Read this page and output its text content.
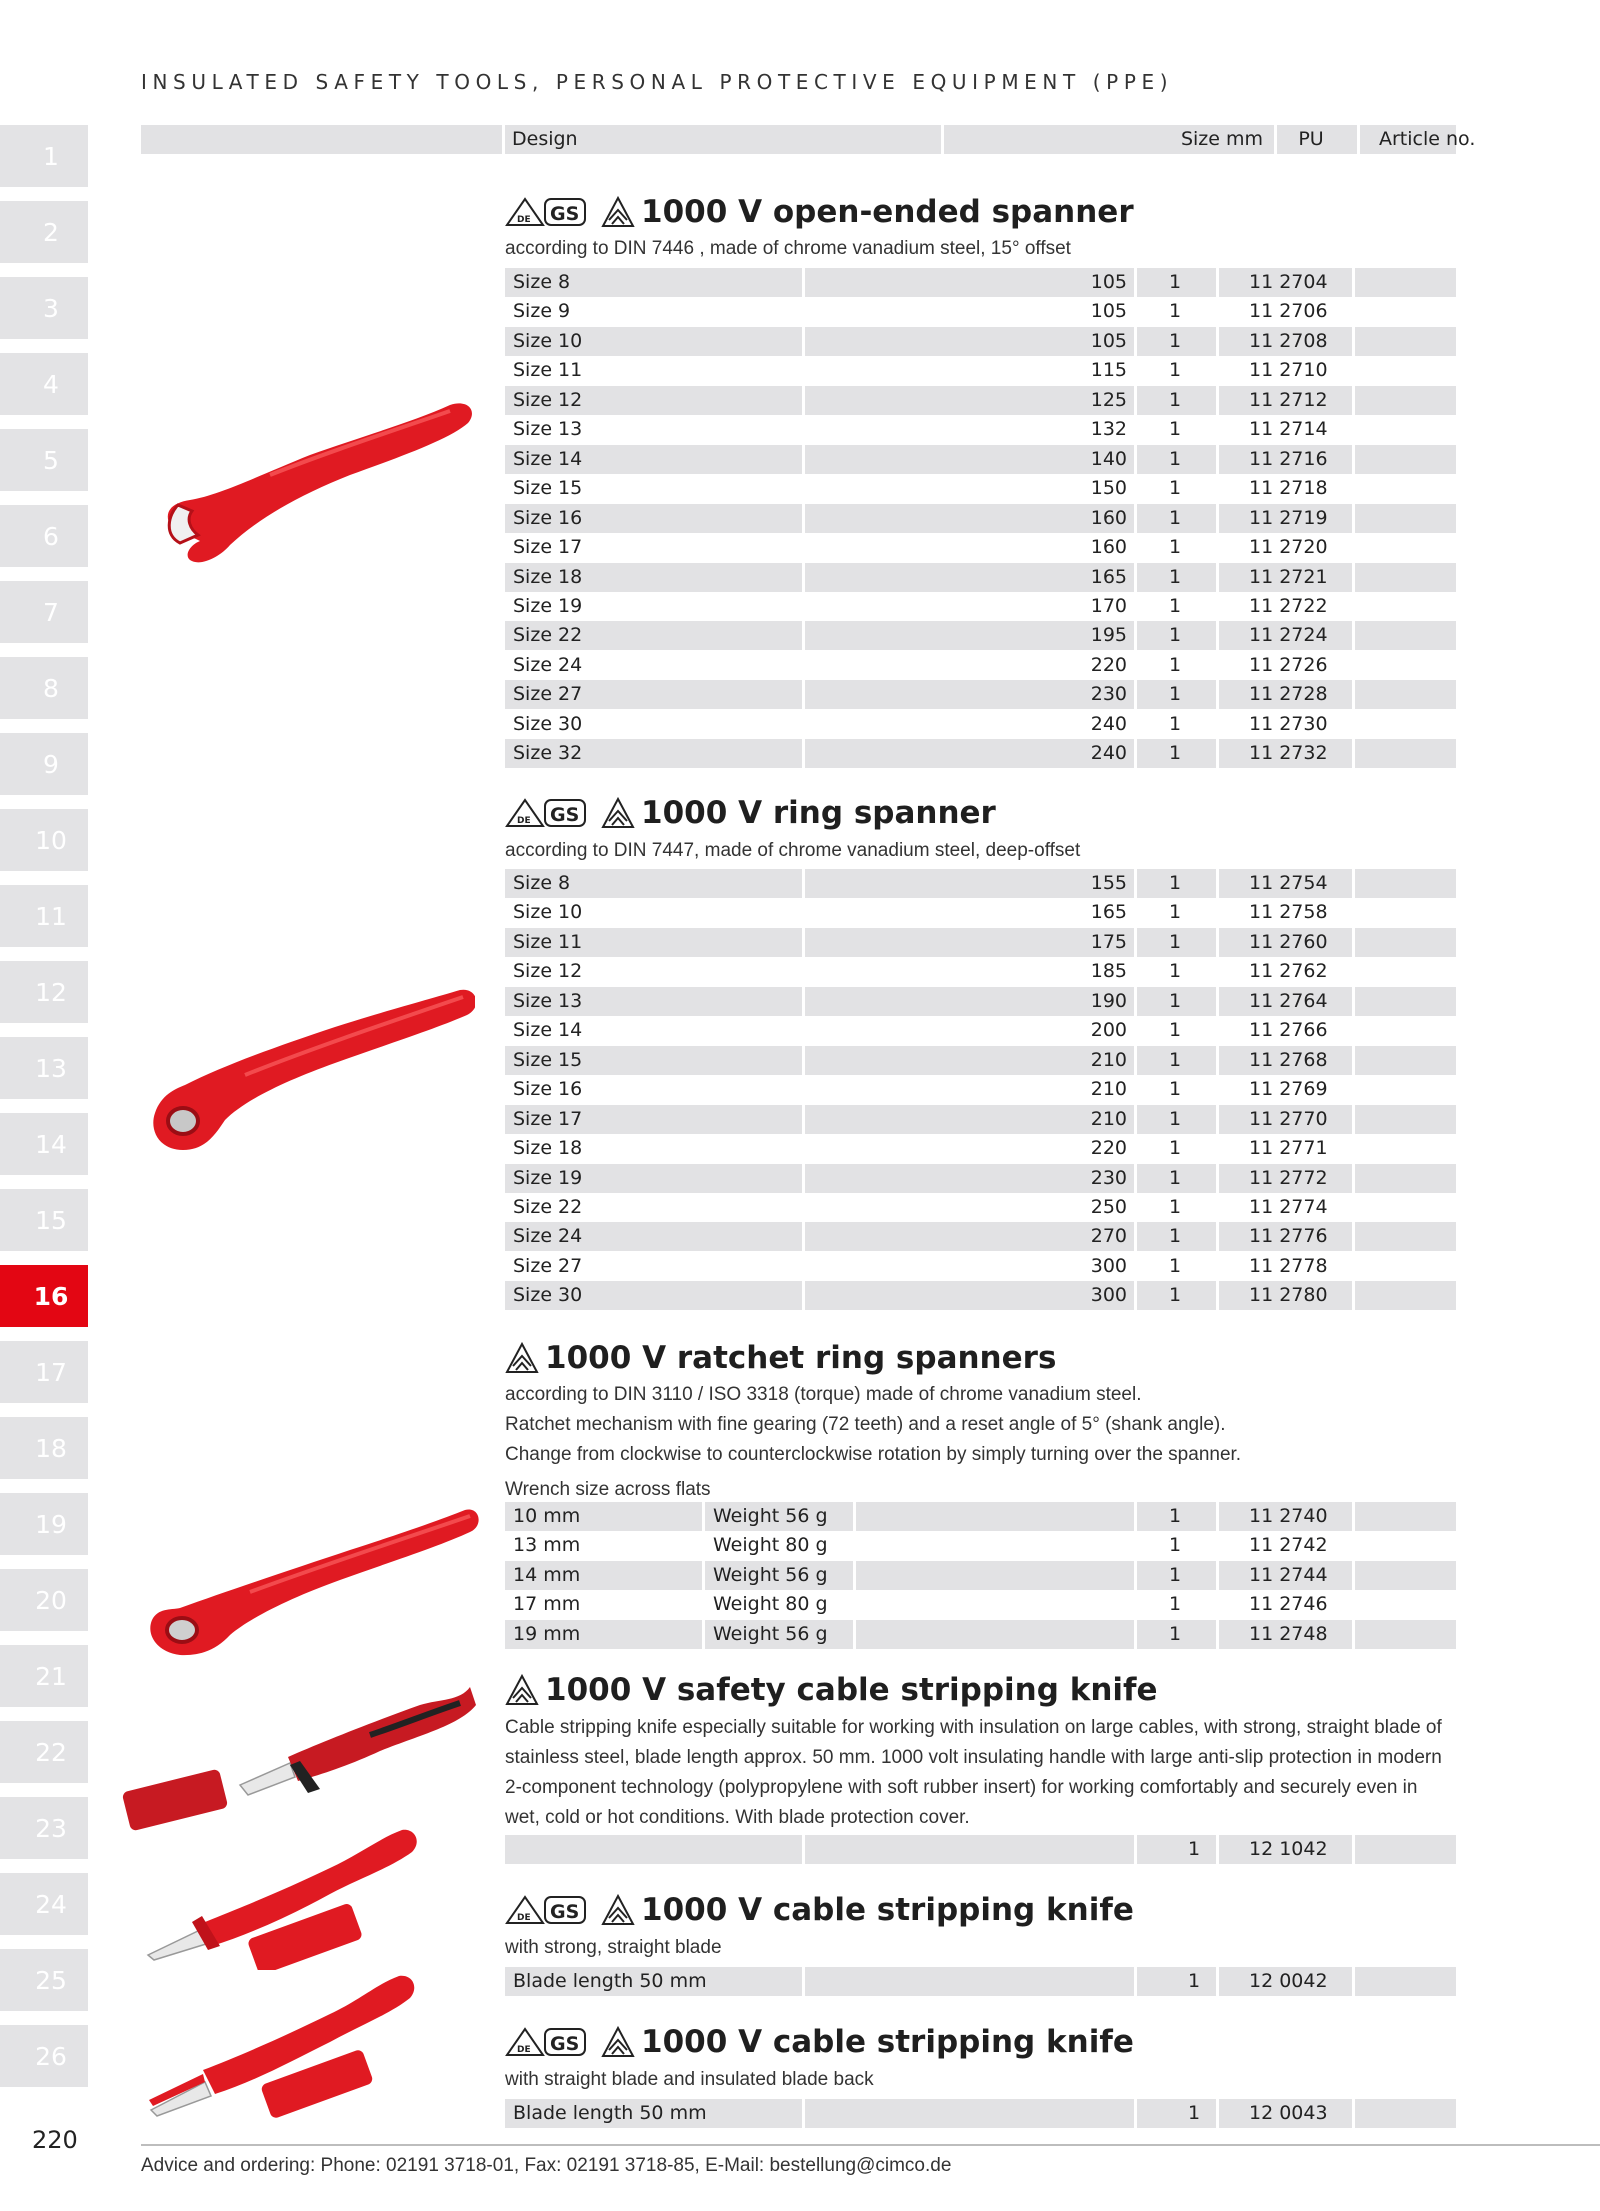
INSULATED SAFETY TOOLS, PERSONAL PROTECTIVE EQUIPMENT (PPE)
1
2
3
4
5
6
7
8
9
10
11
12
13
14
15
16
17
18
19
20
21
22
23
24
25
26
Design	Size mm	PU	Article no.
DE GS 1000 V open-ended spanner
according to DIN 7446 , made of chrome vanadium steel, 15° offset
Size 8	105	1	11 2704
Size 9	105	1	11 2706
Size 10	105	1	11 2708
Size 11	115	1	11 2710
Size 12	125	1	11 2712
Size 13	132	1	11 2714
Size 14	140	1	11 2716
Size 15	150	1	11 2718
Size 16	160	1	11 2719
Size 17	160	1	11 2720
Size 18	165	1	11 2721
Size 19	170	1	11 2722
Size 22	195	1	11 2724
Size 24	220	1	11 2726
Size 27	230	1	11 2728
Size 30	240	1	11 2730
Size 32	240	1	11 2732
DE GS 1000 V ring spanner
according to DIN 7447, made of chrome vanadium steel, deep-offset
Size 8	155	1	11 2754
Size 10	165	1	11 2758
Size 11	175	1	11 2760
Size 12	185	1	11 2762
Size 13	190	1	11 2764
Size 14	200	1	11 2766
Size 15	210	1	11 2768
Size 16	210	1	11 2769
Size 17	210	1	11 2770
Size 18	220	1	11 2771
Size 19	230	1	11 2772
Size 22	250	1	11 2774
Size 24	270	1	11 2776
Size 27	300	1	11 2778
Size 30	300	1	11 2780
1000 V ratchet ring spanners
according to DIN 3110 / ISO 3318 (torque) made of chrome vanadium steel.
Ratchet mechanism with fine gearing (72 teeth) and a reset angle of 5° (shank angle).
Change from clockwise to counterclockwise rotation by simply turning over the spanner.
Wrench size across flats
10 mm	Weight 56 g	1	11 2740
13 mm	Weight 80 g	1	11 2742
14 mm	Weight 56 g	1	11 2744
17 mm	Weight 80 g	1	11 2746
19 mm	Weight 56 g	1	11 2748
1000 V safety cable stripping knife
Cable stripping knife especially suitable for working with insulation on large cables, with strong, straight blade of
stainless steel, blade length approx. 50 mm. 1000 volt insulating handle with large anti-slip protection in modern
2-component technology (polypropylene with soft rubber insert) for working comfortably and securely even in
wet, cold or hot conditions. With blade protection cover.
1	12 1042
DE GS 1000 V cable stripping knife
with strong, straight blade
Blade length 50 mm	1	12 0042
DE GS 1000 V cable stripping knife
with straight blade and insulated blade back
Blade length 50 mm	1	12 0043
220
Advice and ordering: Phone: 02191 3718-01, Fax: 02191 3718-85, E-Mail: bestellung@cimco.de
